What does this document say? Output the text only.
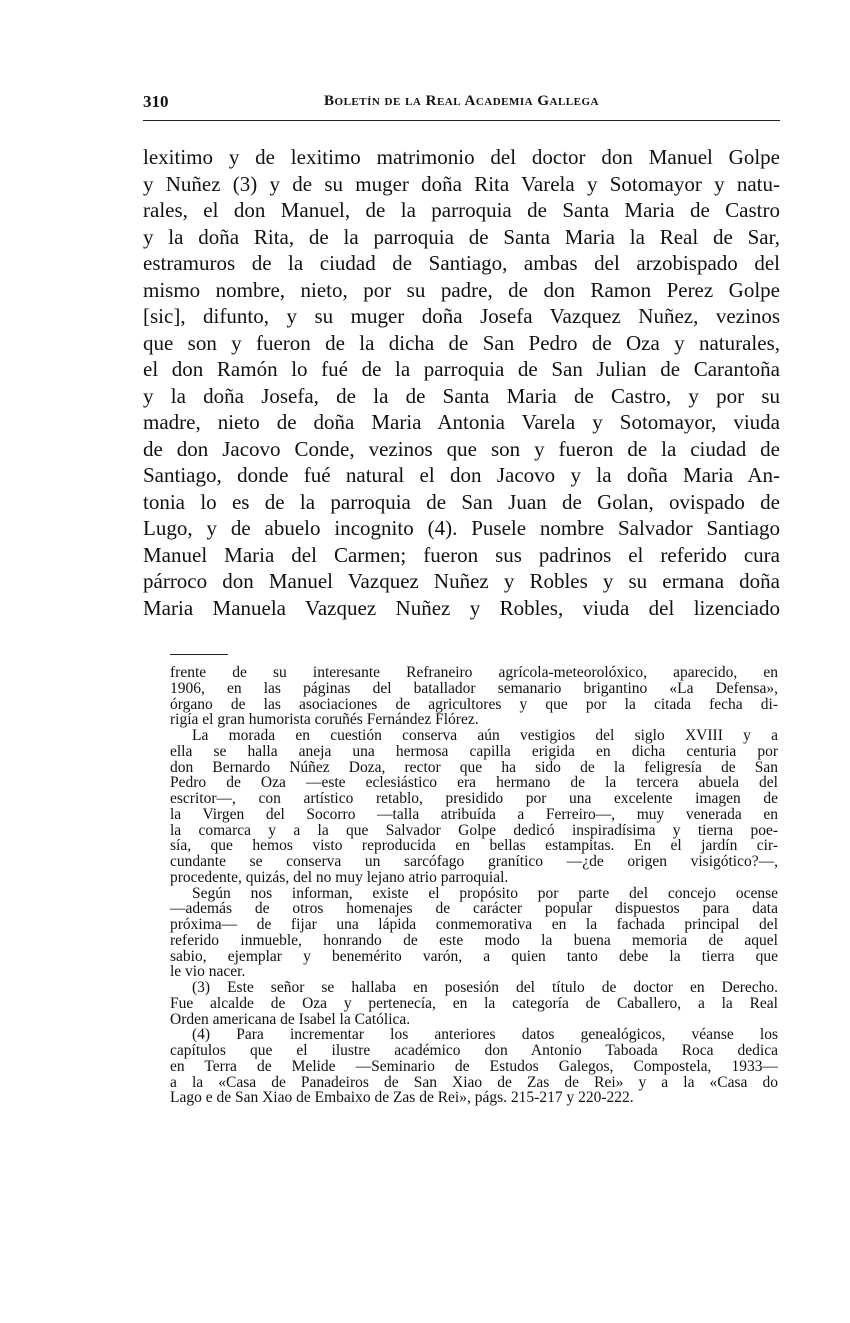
310	Boletín de la Real Academia Gallega
lexitimo y de lexitimo matrimonio del doctor don Manuel Golpe
y Nuñez (3) y de su muger doña Rita Varela y Sotomayor y natu-
rales, el don Manuel, de la parroquia de Santa Maria de Castro
y la doña Rita, de la parroquia de Santa Maria la Real de Sar,
estramuros de la ciudad de Santiago, ambas del arzobispado del
mismo nombre, nieto, por su padre, de don Ramon Perez Golpe
[sic], difunto, y su muger doña Josefa Vazquez Nuñez, vezinos
que son y fueron de la dicha de San Pedro de Oza y naturales,
el don Ramón lo fué de la parroquia de San Julian de Carantoña
y la doña Josefa, de la de Santa Maria de Castro, y por su
madre, nieto de doña Maria Antonia Varela y Sotomayor, viuda
de don Jacovo Conde, vezinos que son y fueron de la ciudad de
Santiago, donde fué natural el don Jacovo y la doña Maria An-
tonia lo es de la parroquia de San Juan de Golan, ovispado de
Lugo, y de abuelo incognito (4). Pusele nombre Salvador Santiago
Manuel Maria del Carmen; fueron sus padrinos el referido cura
párroco don Manuel Vazquez Nuñez y Robles y su ermana doña
Maria Manuela Vazquez Nuñez y Robles, viuda del lizenciado
frente de su interesante Refraneiro agrícola-meteorolóxico, aparecido, en
1906, en las páginas del batallador semanario brigantino «La Defensa»,
órgano de las asociaciones de agricultores y que por la citada fecha di-
rigía el gran humorista coruñés Fernández Flórez.
La morada en cuestión conserva aún vestigios del siglo XVIII y a
ella se halla aneja una hermosa capilla erigida en dicha centuria por
don Bernardo Núñez Doza, rector que ha sido de la feligresía de San
Pedro de Oza —este eclesiástico era hermano de la tercera abuela del
escritor—, con artístico retablo, presidido por una excelente imagen de
la Virgen del Socorro —talla atribuída a Ferreiro—, muy venerada en
la comarca y a la que Salvador Golpe dedicó inspiradísima y tierna poe-
sía, que hemos visto reproducida en bellas estampitas. En el jardín cir-
cundante se conserva un sarcófago granítico —¿de origen visigótico?—,
procedente, quizás, del no muy lejano atrio parroquial.
Según nos informan, existe el propósito por parte del concejo ocense
—además de otros homenajes de carácter popular dispuestos para data
próxima— de fijar una lápida conmemorativa en la fachada principal del
referido inmueble, honrando de este modo la buena memoria de aquel
sabio, ejemplar y benemérito varón, a quien tanto debe la tierra que
le vio nacer.
(3) Este señor se hallaba en posesión del título de doctor en Derecho.
Fue alcalde de Oza y pertenecía, en la categoría de Caballero, a la Real
Orden americana de Isabel la Católica.
(4) Para incrementar los anteriores datos genealógicos, véanse los
capítulos que el ilustre académico don Antonio Taboada Roca dedica
en Terra de Melide —Seminario de Estudos Galegos, Compostela, 1933—
a la «Casa de Panadeiros de San Xiao de Zas de Rei» y a la «Casa do
Lago e de San Xiao de Embaixo de Zas de Rei», págs. 215-217 y 220-222.
